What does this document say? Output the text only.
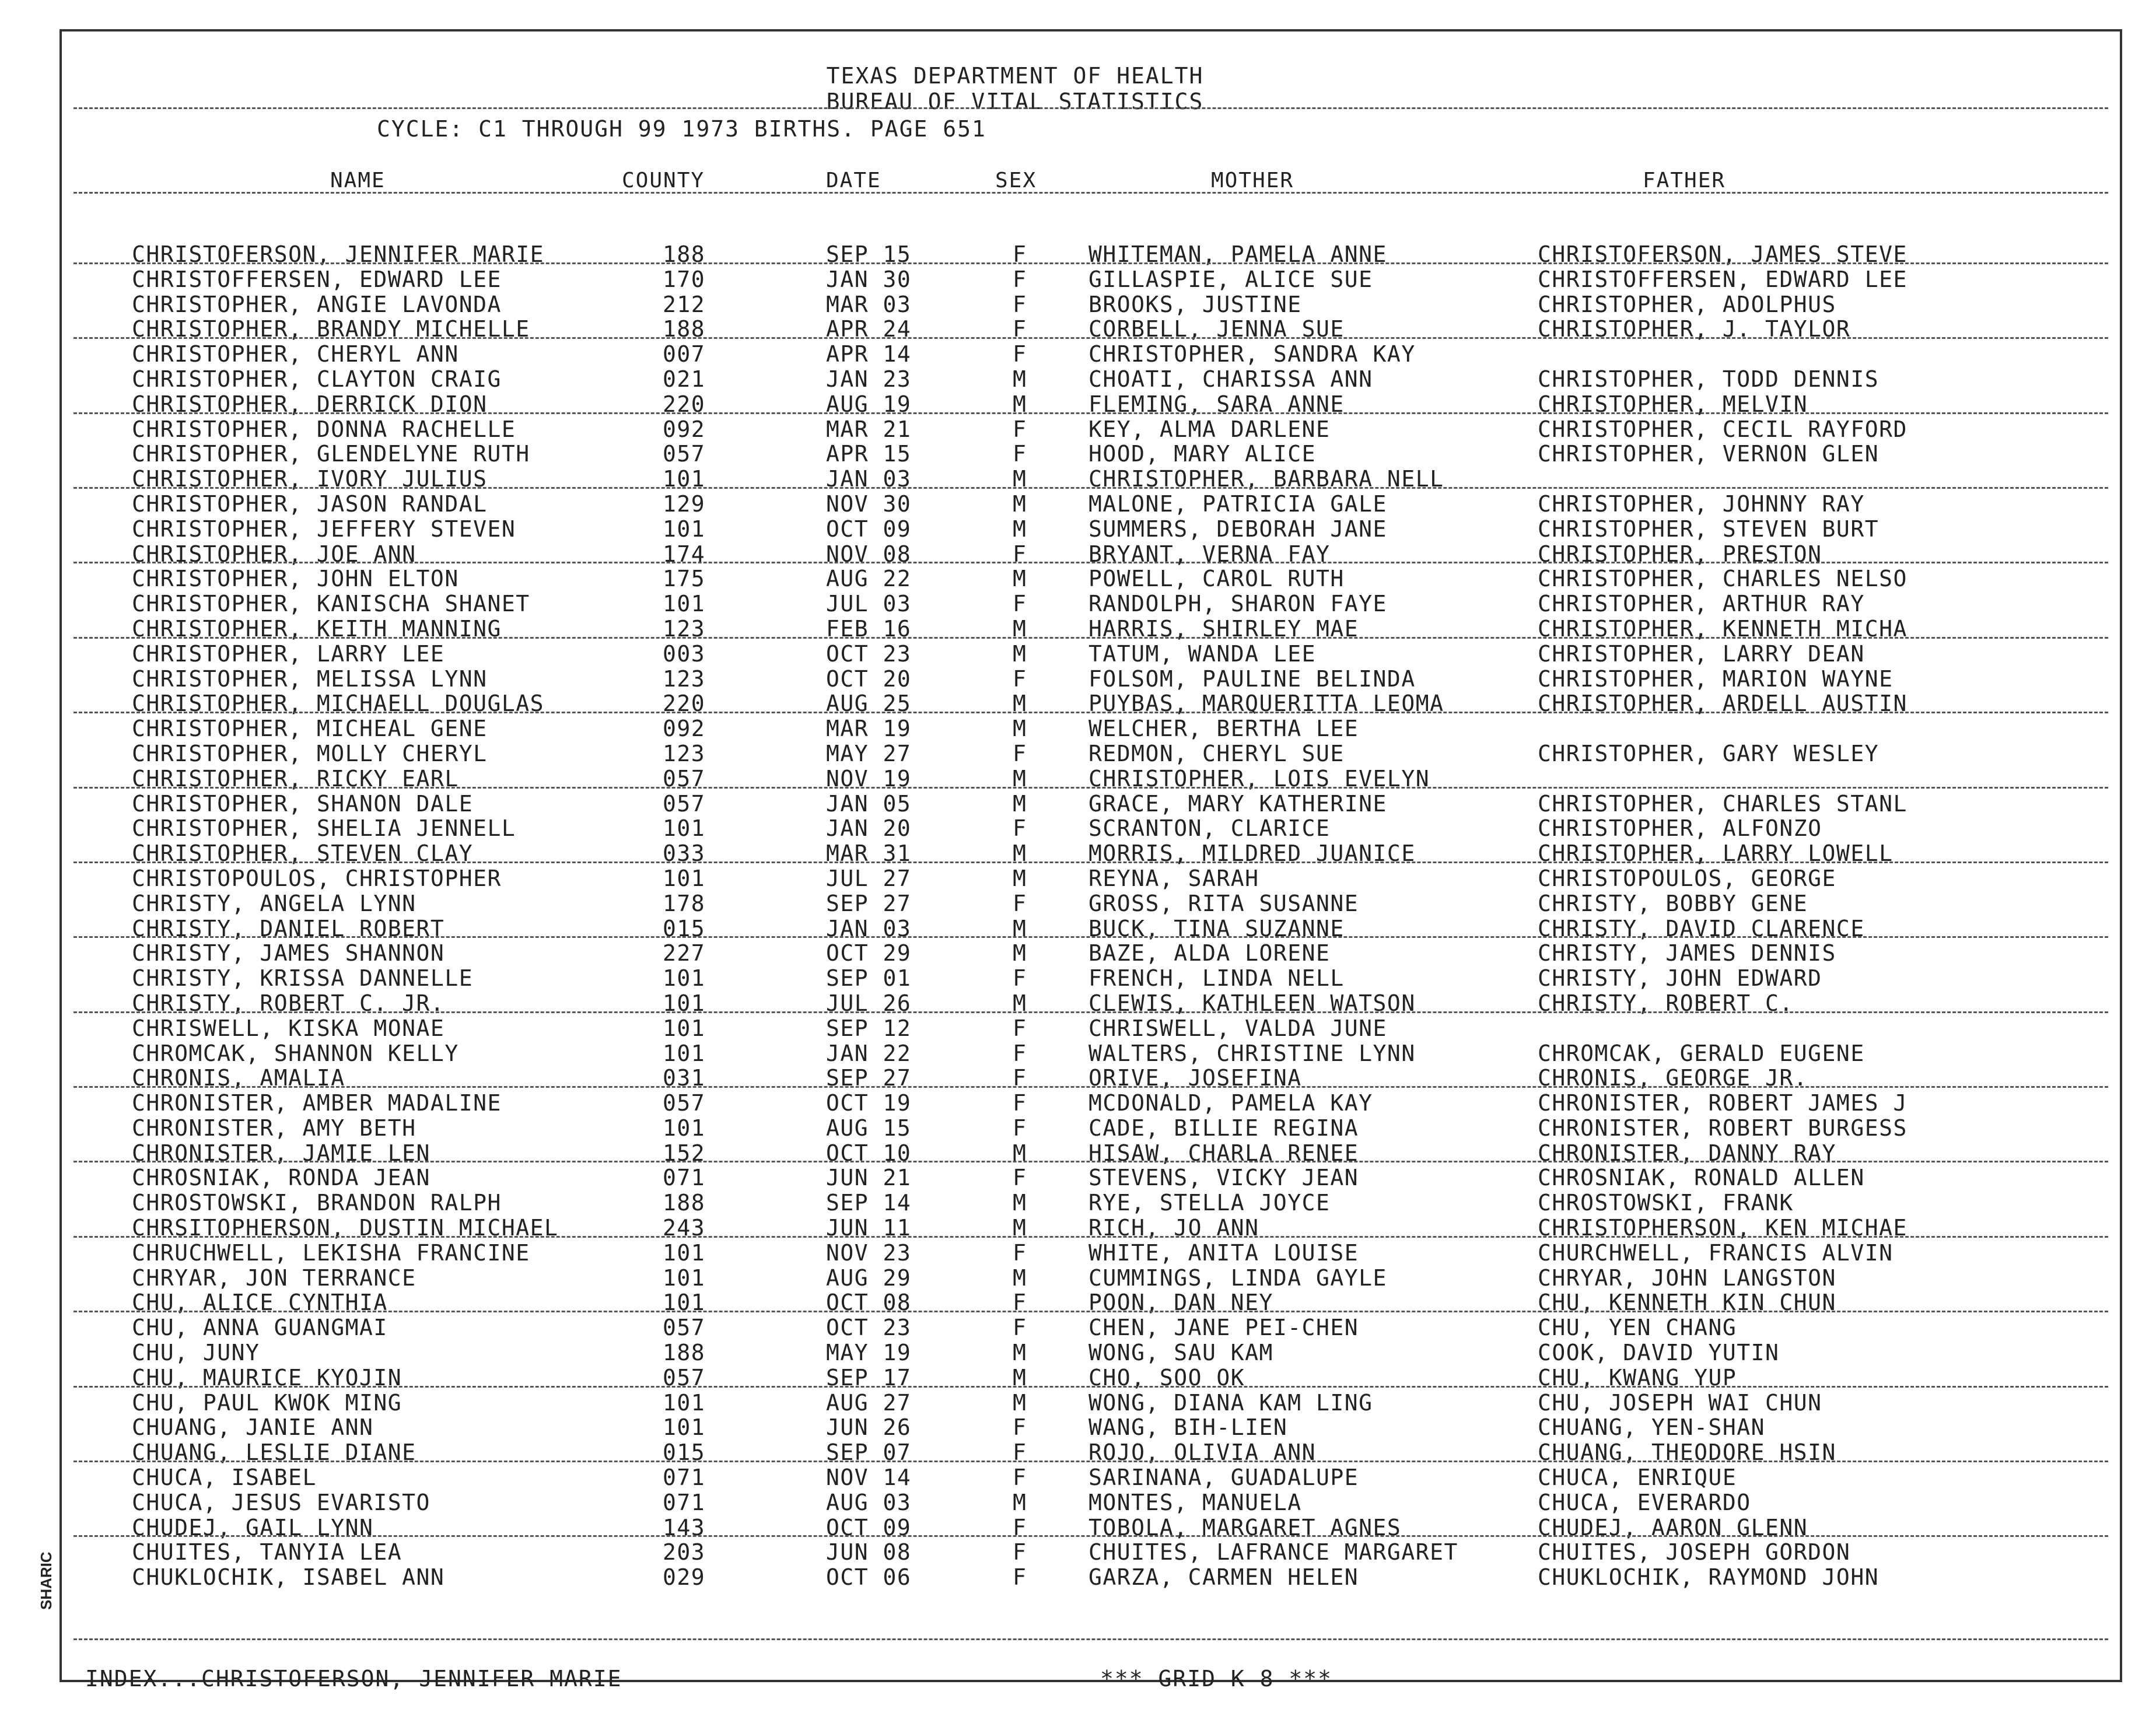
TEXAS DEPARTMENT OF HEALTH
BUREAU OF VITAL STATISTICS
CYCLE: C1 THROUGH 99 1973 BIRTHS. PAGE 651
NAME	COUNTY	DATE	SEX	MOTHER	FATHER
CHRISTOFERSON, JENNIFER MARIE	188	SEP 15	F	WHITEMAN, PAMELA ANNE	CHRISTOFERSON, JAMES STEVE
CHRISTOFFERSEN, EDWARD LEE	170	JAN 30	F	GILLASPIE, ALICE SUE	CHRISTOFFERSEN, EDWARD LEE
CHRISTOPHER, ANGIE LAVONDA	212	MAR 03	F	BROOKS, JUSTINE	CHRISTOPHER, ADOLPHUS
CHRISTOPHER, BRANDY MICHELLE	188	APR 24	F	CORBELL, JENNA SUE	CHRISTOPHER, J. TAYLOR
CHRISTOPHER, CHERYL ANN	007	APR 14	F	CHRISTOPHER, SANDRA KAY
CHRISTOPHER, CLAYTON CRAIG	021	JAN 23	M	CHOATI, CHARISSA ANN	CHRISTOPHER, TODD DENNIS
CHRISTOPHER, DERRICK DION	220	AUG 19	M	FLEMING, SARA ANNE	CHRISTOPHER, MELVIN
CHRISTOPHER, DONNA RACHELLE	092	MAR 21	F	KEY, ALMA DARLENE	CHRISTOPHER, CECIL RAYFORD
CHRISTOPHER, GLENDELYNE RUTH	057	APR 15	F	HOOD, MARY ALICE	CHRISTOPHER, VERNON GLEN
CHRISTOPHER, IVORY JULIUS	101	JAN 03	M	CHRISTOPHER, BARBARA NELL
CHRISTOPHER, JASON RANDAL	129	NOV 30	M	MALONE, PATRICIA GALE	CHRISTOPHER, JOHNNY RAY
CHRISTOPHER, JEFFERY STEVEN	101	OCT 09	M	SUMMERS, DEBORAH JANE	CHRISTOPHER, STEVEN BURT
CHRISTOPHER, JOE ANN	174	NOV 08	F	BRYANT, VERNA FAY	CHRISTOPHER, PRESTON
CHRISTOPHER, JOHN ELTON	175	AUG 22	M	POWELL, CAROL RUTH	CHRISTOPHER, CHARLES NELSO
CHRISTOPHER, KANISCHA SHANET	101	JUL 03	F	RANDOLPH, SHARON FAYE	CHRISTOPHER, ARTHUR RAY
CHRISTOPHER, KEITH MANNING	123	FEB 16	M	HARRIS, SHIRLEY MAE	CHRISTOPHER, KENNETH MICHA
CHRISTOPHER, LARRY LEE	003	OCT 23	M	TATUM, WANDA LEE	CHRISTOPHER, LARRY DEAN
CHRISTOPHER, MELISSA LYNN	123	OCT 20	F	FOLSOM, PAULINE BELINDA	CHRISTOPHER, MARION WAYNE
CHRISTOPHER, MICHAELL DOUGLAS	220	AUG 25	M	PUYBAS, MARQUERITTA LEOMA	CHRISTOPHER, ARDELL AUSTIN
CHRISTOPHER, MICHEAL GENE	092	MAR 19	M	WELCHER, BERTHA LEE
CHRISTOPHER, MOLLY CHERYL	123	MAY 27	F	REDMON, CHERYL SUE	CHRISTOPHER, GARY WESLEY
CHRISTOPHER, RICKY EARL	057	NOV 19	M	CHRISTOPHER, LOIS EVELYN
CHRISTOPHER, SHANON DALE	057	JAN 05	M	GRACE, MARY KATHERINE	CHRISTOPHER, CHARLES STANL
CHRISTOPHER, SHELIA JENNELL	101	JAN 20	F	SCRANTON, CLARICE	CHRISTOPHER, ALFONZO
CHRISTOPHER, STEVEN CLAY	033	MAR 31	M	MORRIS, MILDRED JUANICE	CHRISTOPHER, LARRY LOWELL
CHRISTOPOULOS, CHRISTOPHER	101	JUL 27	M	REYNA, SARAH	CHRISTOPOULOS, GEORGE
CHRISTY, ANGELA LYNN	178	SEP 27	F	GROSS, RITA SUSANNE	CHRISTY, BOBBY GENE
CHRISTY, DANIEL ROBERT	015	JAN 03	M	BUCK, TINA SUZANNE	CHRISTY, DAVID CLARENCE
CHRISTY, JAMES SHANNON	227	OCT 29	M	BAZE, ALDA LORENE	CHRISTY, JAMES DENNIS
CHRISTY, KRISSA DANNELLE	101	SEP 01	F	FRENCH, LINDA NELL	CHRISTY, JOHN EDWARD
CHRISTY, ROBERT C. JR.	101	JUL 26	M	CLEWIS, KATHLEEN WATSON	CHRISTY, ROBERT C.
CHRISWELL, KISKA MONAE	101	SEP 12	F	CHRISWELL, VALDA JUNE
CHROMCAK, SHANNON KELLY	101	JAN 22	F	WALTERS, CHRISTINE LYNN	CHROMCAK, GERALD EUGENE
CHRONIS, AMALIA	031	SEP 27	F	ORIVE, JOSEFINA	CHRONIS, GEORGE JR.
CHRONISTER, AMBER MADALINE	057	OCT 19	F	MCDONALD, PAMELA KAY	CHRONISTER, ROBERT JAMES J
CHRONISTER, AMY BETH	101	AUG 15	F	CADE, BILLIE REGINA	CHRONISTER, ROBERT BURGESS
CHRONISTER, JAMIE LEN	152	OCT 10	M	HISAW, CHARLA RENEE	CHRONISTER, DANNY RAY
CHROSNIAK, RONDA JEAN	071	JUN 21	F	STEVENS, VICKY JEAN	CHROSNIAK, RONALD ALLEN
CHROSTOWSKI, BRANDON RALPH	188	SEP 14	M	RYE, STELLA JOYCE	CHROSTOWSKI, FRANK
CHRSITOPHERSON, DUSTIN MICHAEL	243	JUN 11	M	RICH, JO ANN	CHRISTOPHERSON, KEN MICHAE
CHRUCHWELL, LEKISHA FRANCINE	101	NOV 23	F	WHITE, ANITA LOUISE	CHURCHWELL, FRANCIS ALVIN
CHRYAR, JON TERRANCE	101	AUG 29	M	CUMMINGS, LINDA GAYLE	CHRYAR, JOHN LANGSTON
CHU, ALICE CYNTHIA	101	OCT 08	F	POON, DAN NEY	CHU, KENNETH KIN CHUN
CHU, ANNA GUANGMAI	057	OCT 23	F	CHEN, JANE PEI-CHEN	CHU, YEN CHANG
CHU, JUNY	188	MAY 19	M	WONG, SAU KAM	COOK, DAVID YUTIN
CHU, MAURICE KYOJIN	057	SEP 17	M	CHO, SOO OK	CHU, KWANG YUP
CHU, PAUL KWOK MING	101	AUG 27	M	WONG, DIANA KAM LING	CHU, JOSEPH WAI CHUN
CHUANG, JANIE ANN	101	JUN 26	F	WANG, BIH-LIEN	CHUANG, YEN-SHAN
CHUANG, LESLIE DIANE	015	SEP 07	F	ROJO, OLIVIA ANN	CHUANG, THEODORE HSIN
CHUCA, ISABEL	071	NOV 14	F	SARINANA, GUADALUPE	CHUCA, ENRIQUE
CHUCA, JESUS EVARISTO	071	AUG 03	M	MONTES, MANUELA	CHUCA, EVERARDO
CHUDEJ, GAIL LYNN	143	OCT 09	F	TOBOLA, MARGARET AGNES	CHUDEJ, AARON GLENN
CHUITES, TANYIA LEA	203	JUN 08	F	CHUITES, LAFRANCE MARGARET	CHUITES, JOSEPH GORDON
CHUKLOCHIK, ISABEL ANN	029	OCT 06	F	GARZA, CARMEN HELEN	CHUKLOCHIK, RAYMOND JOHN
INDEX...CHRISTOFERSON, JENNIFER MARIE	*** GRID K 8 ***
SHARIC
